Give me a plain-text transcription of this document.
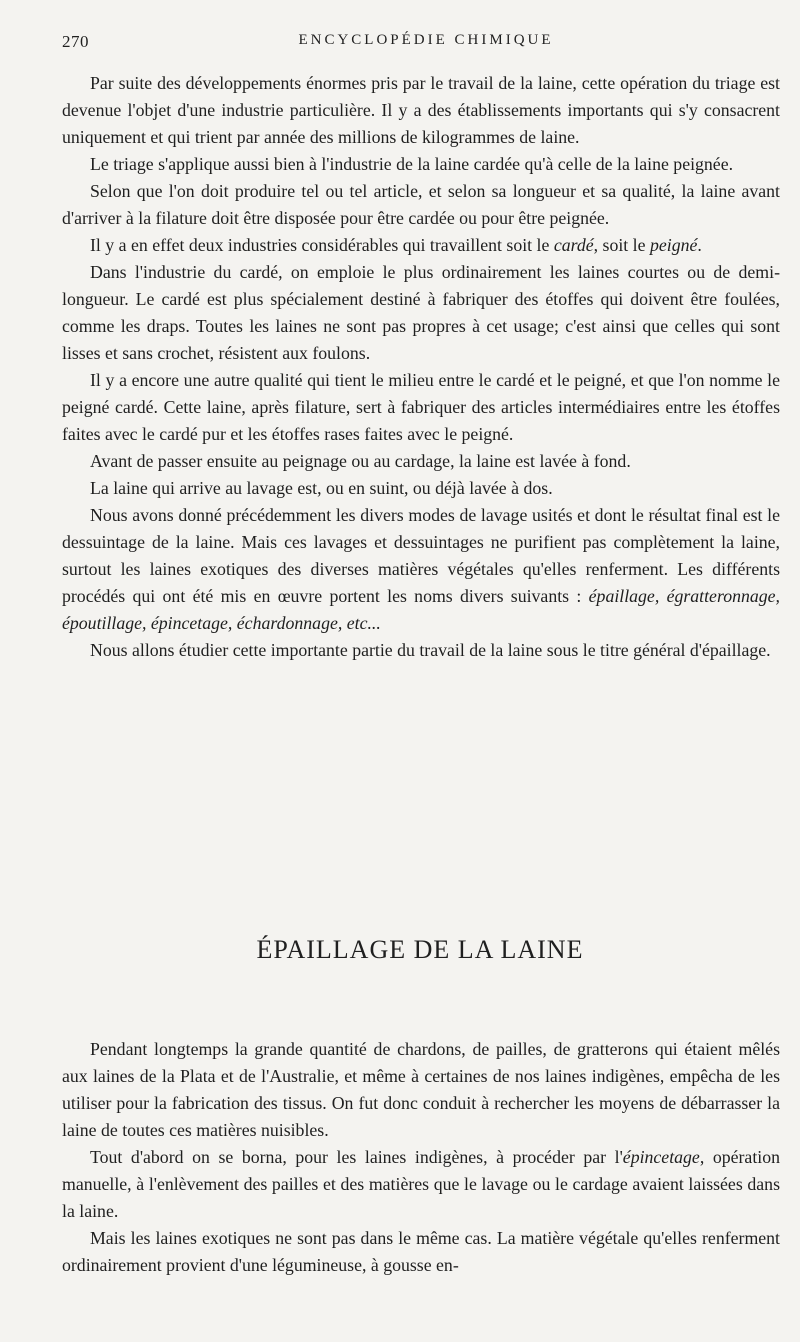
270	ENCYCLOPÉDIE CHIMIQUE

Par suite des développements énormes pris par le travail de la laine, cette opération du triage est devenue l'objet d'une industrie particulière. Il y a des établissements importants qui s'y consacrent uniquement et qui trient par année des millions de kilogrammes de laine.

Le triage s'applique aussi bien à l'industrie de la laine cardée qu'à celle de la laine peignée.

Selon que l'on doit produire tel ou tel article, et selon sa longueur et sa qualité, la laine avant d'arriver à la filature doit être disposée pour être cardée ou pour être peignée.

Il y a en effet deux industries considérables qui travaillent soit le cardé, soit le peigné.

Dans l'industrie du cardé, on emploie le plus ordinairement les laines courtes ou de demi-longueur. Le cardé est plus spécialement destiné à fabriquer des étoffes qui doivent être foulées, comme les draps. Toutes les laines ne sont pas propres à cet usage; c'est ainsi que celles qui sont lisses et sans crochet, résistent aux foulons.

Il y a encore une autre qualité qui tient le milieu entre le cardé et le peigné, et que l'on nomme le peigné cardé. Cette laine, après filature, sert à fabriquer des articles intermédiaires entre les étoffes faites avec le cardé pur et les étoffes rases faites avec le peigné.

Avant de passer ensuite au peignage ou au cardage, la laine est lavée à fond.

La laine qui arrive au lavage est, ou en suint, ou déjà lavée à dos.

Nous avons donné précédemment les divers modes de lavage usités et dont le résultat final est le dessuintage de la laine. Mais ces lavages et dessuintages ne purifient pas complètement la laine, surtout les laines exotiques des diverses matières végétales qu'elles renferment. Les différents procédés qui ont été mis en œuvre portent les noms divers suivants : épaillage, égratteronnage, époutillage, épincetage, échardonnage, etc...

Nous allons étudier cette importante partie du travail de la laine sous le titre général d'épaillage.

ÉPAILLAGE DE LA LAINE

Pendant longtemps la grande quantité de chardons, de pailles, de gratterons qui étaient mêlés aux laines de la Plata et de l'Australie, et même à certaines de nos laines indigènes, empêcha de les utiliser pour la fabrication des tissus. On fut donc conduit à rechercher les moyens de débarrasser la laine de toutes ces matières nuisibles.

Tout d'abord on se borna, pour les laines indigènes, à procéder par l'épincetage, opération manuelle, à l'enlèvement des pailles et des matières que le lavage ou le cardage avaient laissées dans la laine.

Mais les laines exotiques ne sont pas dans le même cas. La matière végétale qu'elles renferment ordinairement provient d'une légumineuse, à gousse en-
